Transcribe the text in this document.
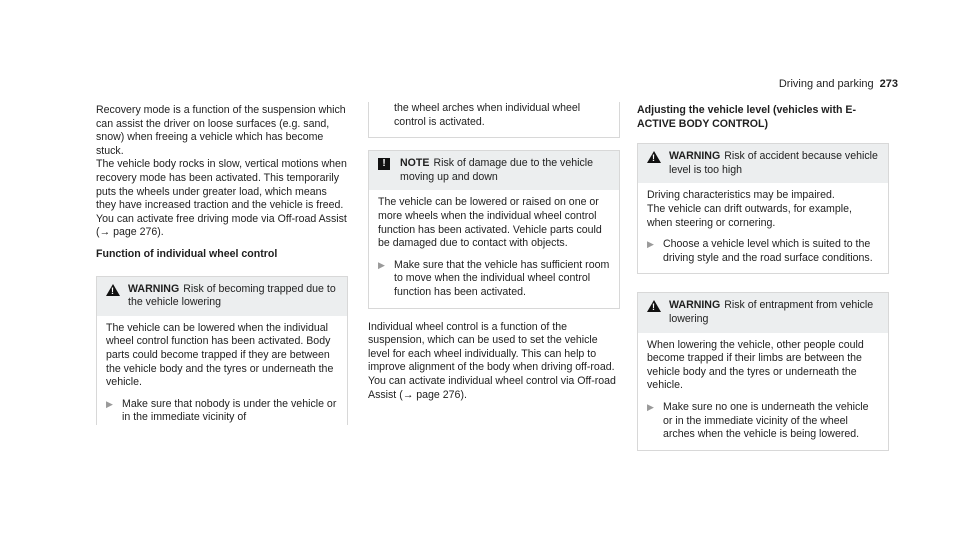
Driving and parking 273

Recovery mode is a function of the suspension which can assist the driver on loose surfaces (e.g. sand, snow) when freeing a vehicle which has become stuck.

The vehicle body rocks in slow, vertical motions when recovery mode has been activated. This temporarily puts the wheels under greater load, which means they have increased traction and the vehicle is freed.

You can activate free driving mode via Off-road Assist (→ page 276).

Function of individual wheel control

!
WARNING Risk of becoming trapped due to the vehicle lowering

The vehicle can be lowered when the individual wheel control function has been activated. Body parts could become trapped if they are between the vehicle body and the tyres or underneath the vehicle.

▶ Make sure that nobody is under the vehicle or in the immediate vicinity of

the wheel arches when individual wheel control is activated.

!	NOTE Risk of damage due to the vehicle moving up and down

The vehicle can be lowered or raised on one or more wheels when the individual wheel control function has been activated. Vehicle parts could be damaged due to contact with objects.

▶ Make sure that the vehicle has sufficient room to move when the individual wheel control function has been activated.

Individual wheel control is a function of the suspension, which can be used to set the vehicle level for each wheel individually. This can help to improve alignment of the body when driving off-road.

You can activate individual wheel control via Off-road Assist (→ page 276).

Adjusting the vehicle level (vehicles with E-ACTIVE BODY CONTROL)

!
WARNING Risk of accident because vehicle level is too high

Driving characteristics may be impaired.

The vehicle can drift outwards, for example, when steering or cornering.

▶ Choose a vehicle level which is suited to the driving style and the road surface conditions.
!
WARNING Risk of entrapment from vehicle lowering

When lowering the vehicle, other people could become trapped if their limbs are between the vehicle body and the tyres or underneath the vehicle.

▶ Make sure no one is underneath the vehicle or in the immediate vicinity of the wheel arches when the vehicle is being lowered.
